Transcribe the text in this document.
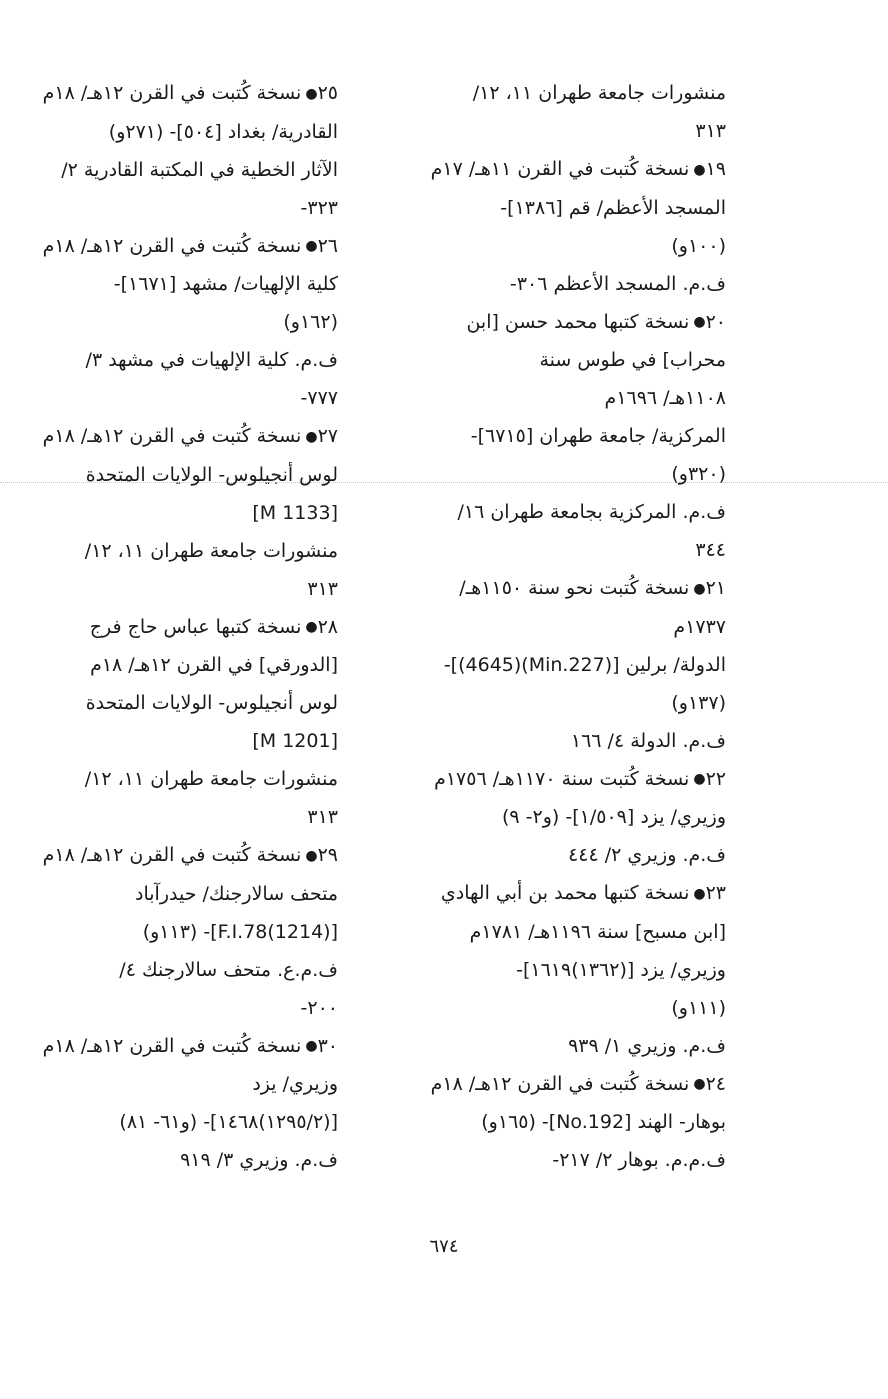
منشورات جامعة طهران ١١، ١٢/
٣١٣
١٩●نسخة كُتبت في القرن ١١هـ/ ١٧م
المسجد الأعظم/ قم [١٣٨٦]-
(١٠٠و)
ف.م. المسجد الأعظم ٣٠٦-
٢٠●نسخة كتبها محمد حسن [ابن
محراب] في طوس سنة
١١٠٨هـ/ ١٦٩٦م
المركزية/ جامعة طهران [٦٧١٥]-
(٣٢٠و)
ف.م. المركزية بجامعة طهران ١٦/
٣٤٤
٢١●نسخة كُتبت نحو سنة ١١٥٠هـ/
١٧٣٧م
الدولة/ برلين [(Min.227)(4645)]-
(١٣٧و)
ف.م. الدولة ٤/ ١٦٦
٢٢●نسخة كُتبت سنة ١١٧٠هـ/ ١٧٥٦م
وزيري/ يزد [١/٥٠٩]- (و٢- ٩)
ف.م. وزيري ٢/ ٤٤٤
٢٣●نسخة كتبها محمد بن أبي الهادي
[ابن مسبح] سنة ١١٩٦هـ/ ١٧٨١م
وزيري/ يزد [(١٣٦٢)١٦١٩]-
(١١١و)
ف.م. وزيري ١/ ٩٣٩
٢٤●نسخة كُتبت في القرن ١٢هـ/ ١٨م
بوهار- الهند [No.192]- (١٦٥و)
ف.م.م. بوهار ٢/ ٢١٧-
٢٥●نسخة كُتبت في القرن ١٢هـ/ ١٨م
القادرية/ بغداد [٥٠٤]- (٢٧١و)
الآثار الخطية في المكتبة القادرية ٢/
٣٢٣-
٢٦●نسخة كُتبت في القرن ١٢هـ/ ١٨م
كلية الإلهيات/ مشهد [١٦٧١]-
(١٦٢و)
ف.م. كلية الإلهيات في مشهد ٣/
٧٧٧-
٢٧●نسخة كُتبت في القرن ١٢هـ/ ١٨م
لوس أنجيلوس- الولايات المتحدة
[M 1133]
منشورات جامعة طهران ١١، ١٢/
٣١٣
٢٨●نسخة كتبها عباس حاج فرج
[الدورقي] في القرن ١٢هـ/ ١٨م
لوس أنجيلوس- الولايات المتحدة
[M 1201]
منشورات جامعة طهران ١١، ١٢/
٣١٣
٢٩●نسخة كُتبت في القرن ١٢هـ/ ١٨م
متحف سالارجنك/ حيدرآباد
[F.I.78(1214)]- (١١٣و)
ف.م.ع. متحف سالارجنك ٤/
٢٠٠-
٣٠●نسخة كُتبت في القرن ١٢هـ/ ١٨م
وزيري/ يزد
[(١٢٩٥/٢)١٤٦٨]- (و٦١- ٨١)
ف.م. وزيري ٣/ ٩١٩
٦٧٤
